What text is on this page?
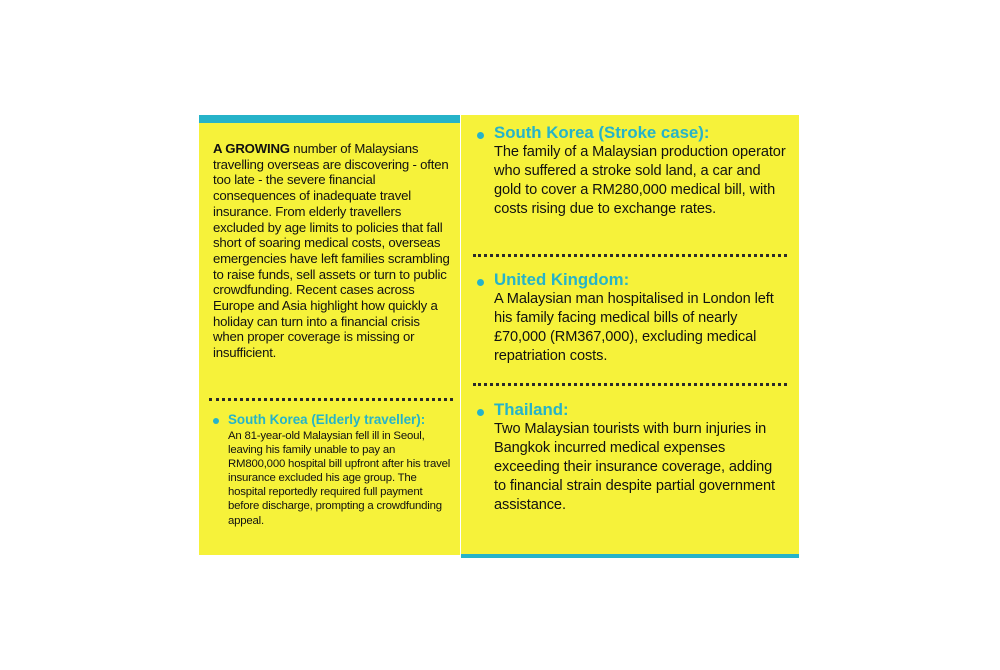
A GROWING number of Malaysians travelling overseas are discovering - often too late - the severe financial consequences of inadequate travel insurance. From elderly travellers excluded by age limits to policies that fall short of soaring medical costs, overseas emergencies have left families scrambling to raise funds, sell assets or turn to public crowdfunding. Recent cases across Europe and Asia highlight how quickly a holiday can turn into a financial crisis when proper coverage is missing or insufficient.
South Korea (Elderly traveller):
An 81-year-old Malaysian fell ill in Seoul, leaving his family unable to pay an RM800,000 hospital bill upfront after his travel insurance excluded his age group. The hospital reportedly required full payment before discharge, prompting a crowdfunding appeal.
South Korea (Stroke case):
The family of a Malaysian production operator who suffered a stroke sold land, a car and gold to cover a RM280,000 medical bill, with costs rising due to exchange rates.
United Kingdom:
A Malaysian man hospitalised in London left his family facing medical bills of nearly £70,000 (RM367,000), excluding medical repatriation costs.
Thailand:
Two Malaysian tourists with burn injuries in Bangkok incurred medical expenses exceeding their insurance coverage, adding to financial strain despite partial government assistance.
